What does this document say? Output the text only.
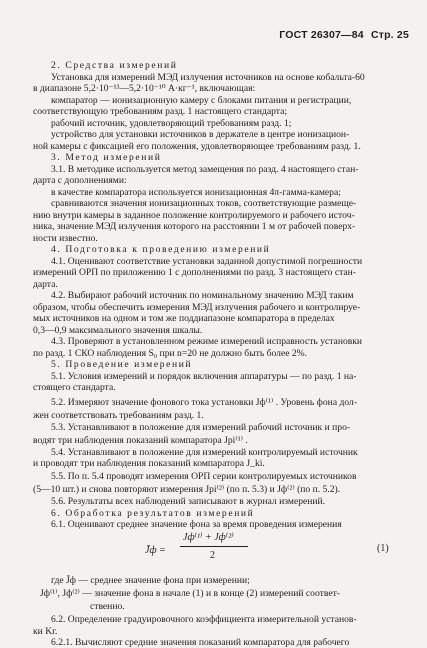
ГОСТ 26307—84 Стр. 25
2. Средства измерений
Установка для измерений МЭД излучения источников на основе кобальта-60
в диапазоне 5,2·10⁻¹³—5,2·10⁻¹⁰ A·кг⁻¹, включающая:
компаратор — ионизационную камеру с блоками питания и регистрации,
соответствующую требованиям разд. 1 настоящего стандарта;
рабочий источник, удовлетворяющий требованиям разд. 1;
устройство для установки источников в держателе в центре ионизацион-
ной камеры с фиксацией его положения, удовлетворяющее требованиям разд. 1.
3. Метод измерений
3.1. В методике используется метод замещения по разд. 4 настоящего стан-
дарта с дополнениями:
в качестве компаратора используется ионизационная 4π-гамма-камера;
сравниваются значения ионизационных токов, соответствующие размеще-
нию внутри камеры в заданное положение контролируемого и рабочего источ-
ника, значение МЭД излучения которого на расстоянии 1 м от рабочей поверх-
ности известно.
4. Подготовка к проведению измерений
4.1. Оценивают соответствие установки заданной допустимой погрешности
измерений ОРП по приложению 1 с дополнениями по разд. 3 настоящего стан-
дарта.
4.2. Выбирают рабочий источник по номинальному значению МЭД таким
образом, чтобы обеспечить измерения МЭД излучения рабочего и контролируе-
мых источников на одном и том же поддиапазоне компаратора в пределах
0,3—0,9 максимального значения шкалы.
4.3. Проверяют в установленном режиме измерений исправность установки
по разд. 1 СКО наблюдения S₀ при n=20 не должно быть более 2%.
5. Проведение измерений
5.1. Условия измерений и порядок включения аппаратуры — по разд. 1 на-
стоящего стандарта.
5.2. Измеряют значение фонового тока установки Jф⁽¹⁾ . Уровень фона дол-
жен соответствовать требованиям разд. 1.
5.3. Устанавливают в положение для измерений рабочий источник и про-
водят три наблюдения показаний компаратора Jpi⁽¹⁾ .
5.4. Устанавливают в положение для измерений контролируемый источник
и проводят три наблюдения показаний компаратора J_ki.
5.5. По п. 5.4 проводят измерения ОРП серии контролируемых источников
(5—10 шт.) и снова повторяют измерения Jpi⁽²⁾ (по п. 5.3) и Jф⁽²⁾ (по п. 5.2).
5.6. Результаты всех наблюдений записывают в журнал измерений.
6. Обработка результатов измерений
6.1. Оценивают среднее значение фона за время проведения измерения
где J̄ф — среднее значение фона при измерении;
Jф⁽¹⁾, Jф⁽²⁾ — значение фона в начале (1) и в конце (2) измерений соответ-
ственно.
6.2. Определение градуировочного коэффициента измерительной установ-
ки Kг.
6.2.1. Вычисляют средние значения показаний компаратора для рабочего
J̄ф =
Jф⁽¹⁾ + Jф⁽²⁾
2
(1)
